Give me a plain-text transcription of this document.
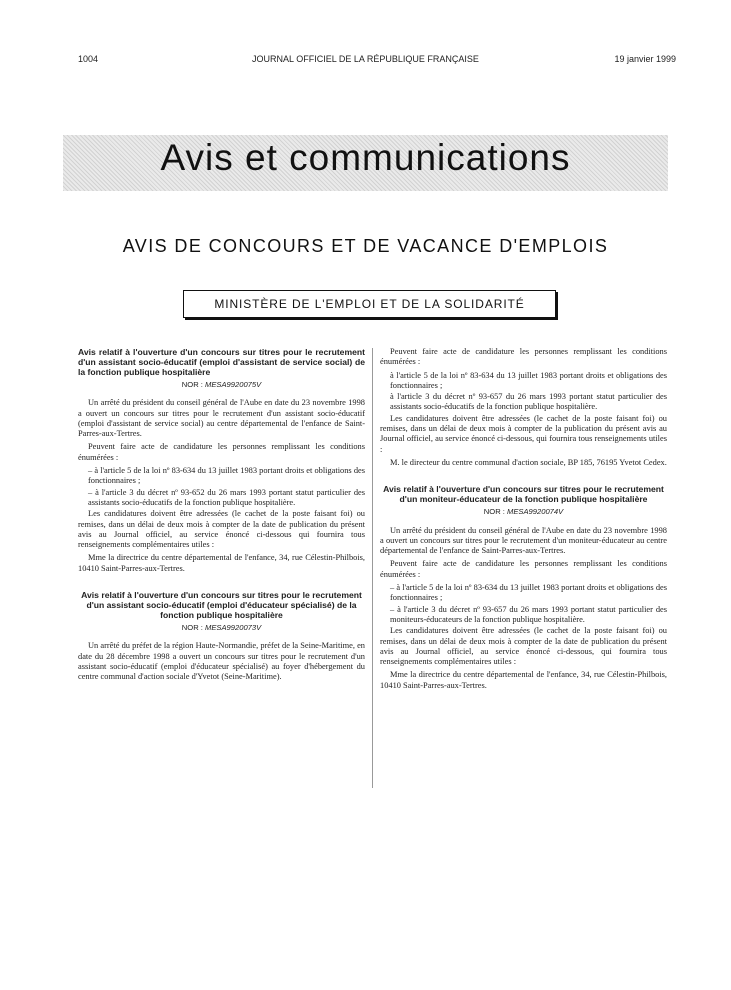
1004	JOURNAL OFFICIEL DE LA RÉPUBLIQUE FRANÇAISE	19 janvier 1999
Avis et communications
AVIS DE CONCOURS ET DE VACANCE D'EMPLOIS
MINISTÈRE DE L'EMPLOI ET DE LA SOLIDARITÉ

Avis relatif à l'ouverture d'un concours sur titres pour le recrutement d'un assistant socio-éducatif (emploi d'assistant de service social) de la fonction publique hospitalière

NOR : MESA9920075V

Un arrêté du président du conseil général de l'Aube en date du 23 novembre 1998 a ouvert un concours sur titres pour le recrutement d'un assistant socio-éducatif (emploi d'assistant de service social) au centre départemental de l'enfance de Saint-Parres-aux-Tertres.

Peuvent faire acte de candidature les personnes remplissant les conditions énumérées :

– à l'article 5 de la loi nº 83-634 du 13 juillet 1983 portant droits et obligations des fonctionnaires ;

– à l'article 3 du décret nº 93-652 du 26 mars 1993 portant statut particulier des assistants socio-éducatifs de la fonction publique hospitalière.

Les candidatures doivent être adressées (le cachet de la poste faisant foi) ou remises, dans un délai de deux mois à compter de la date de publication du présent avis au Journal officiel, au service énoncé ci-dessous qui fournira tous renseignements complémentaires utiles :

Mme la directrice du centre départemental de l'enfance, 34, rue Célestin-Philbois, 10410 Saint-Parres-aux-Tertres.

Avis relatif à l'ouverture d'un concours sur titres pour le recrutement d'un assistant socio-éducatif (emploi d'éducateur spécialisé) de la fonction publique hospitalière

NOR : MESA9920073V

Un arrêté du préfet de la région Haute-Normandie, préfet de la Seine-Maritime, en date du 28 décembre 1998 a ouvert un concours sur titres pour le recrutement d'un assistant socio-éducatif (emploi d'éducateur spécialisé) au foyer d'hébergement du centre communal d'action sociale d'Yvetot (Seine-Maritime).

Peuvent faire acte de candidature les personnes remplissant les conditions énumérées :

à l'article 5 de la loi nº 83-634 du 13 juillet 1983 portant droits et obligations des fonctionnaires ;

à l'article 3 du décret nº 93-657 du 26 mars 1993 portant statut particulier des assistants socio-éducatifs de la fonction publique hospitalière.

Les candidatures doivent être adressées (le cachet de la poste faisant foi) ou remises, dans un délai de deux mois à compter de la publication du présent avis au Journal officiel, au service énoncé ci-dessous, qui fournira tous renseignements utiles :

M. le directeur du centre communal d'action sociale, BP 185, 76195 Yvetot Cedex.

Avis relatif à l'ouverture d'un concours sur titres pour le recrutement d'un moniteur-éducateur de la fonction publique hospitalière

NOR : MESA9920074V

Un arrêté du président du conseil général de l'Aube en date du 23 novembre 1998 a ouvert un concours sur titres pour le recrutement d'un moniteur-éducateur au centre départemental de l'enfance de Saint-Parres-aux-Tertres.

Peuvent faire acte de candidature les personnes remplissant les conditions énumérées :

– à l'article 5 de la loi nº 83-634 du 13 juillet 1983 portant droits et obligations des fonctionnaires ;

– à l'article 3 du décret nº 93-657 du 26 mars 1993 portant statut particulier des moniteurs-éducateurs de la fonction publique hospitalière.

Les candidatures doivent être adressées (le cachet de la poste faisant foi) ou remises, dans un délai de deux mois à compter de la date de publication du présent avis au Journal officiel, au service énoncé ci-dessous, qui fournira tous renseignements complémentaires utiles :

Mme la directrice du centre départemental de l'enfance, 34, rue Célestin-Philbois, 10410 Saint-Parres-aux-Tertres.
